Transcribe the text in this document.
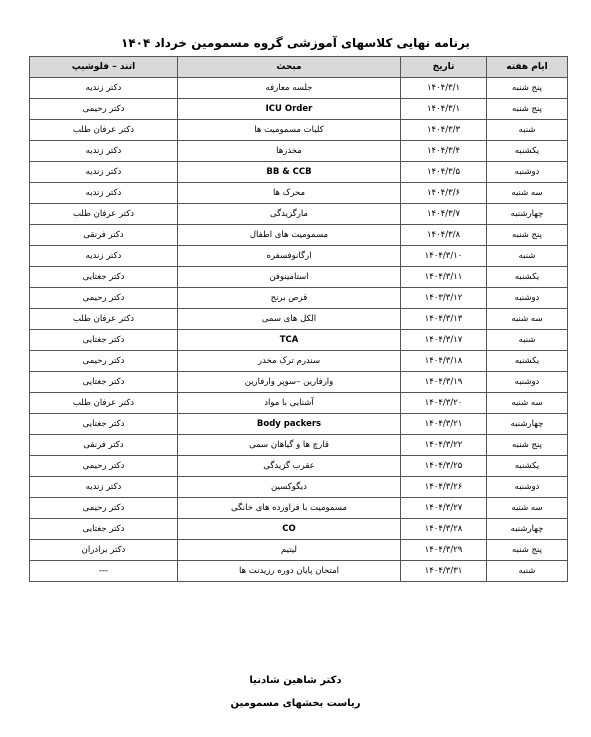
برنامه نهایی کلاسهای آموزشی گروه مسمومین خرداد ۱۴۰۴
ایام هفته	تاریخ	مبحث	اتند – فلوشیپ
پنج شنبه	۱۴۰۴/۳/۱	جلسه معارفه	دکتر زندیه
پنج شنبه	۱۴۰۴/۳/۱	ICU Order	دکتر رحیمی
شنبه	۱۴۰۴/۳/۳	کلیات مسمومیت ها	دکتر عرفان طلب
یکشنبه	۱۴۰۴/۳/۴	مخدرها	دکتر زندیه
دوشنبه	۱۴۰۴/۳/۵	BB & CCB	دکتر زندیه
سه شنبه	۱۴۰۴/۳/۶	محرک ها	دکتر زندیه
چهارشنبه	۱۴۰۴/۳/۷	مارگزیدگی	دکتر عرفان طلب
پنج شنبه	۱۴۰۴/۳/۸	مسمومیت های اطفال	دکتر فرنقی
شنبه	۱۴۰۴/۳/۱۰	ارگانوفسفره	دکتر زندیه
یکشنبه	۱۴۰۴/۳/۱۱	استامینوفن	دکتر جغتایی
دوشنبه	۱۴۰۳/۳/۱۲	قرص برنج	دکتر رحیمی
سه شنبه	۱۴۰۴/۳/۱۳	الکل های سمی	دکتر عرفان طلب
شنبه	۱۴۰۴/۳/۱۷	TCA	دکتر جغتایی
یکشنبه	۱۴۰۴/۳/۱۸	سندرم ترک مخدر	دکتر رحیمی
دوشنبه	۱۴۰۴/۳/۱۹	وارفارین –سوپر وارفارین	دکتر جغتایی
سه شنبه	۱۴۰۴/۳/۲۰	آشنایی با مواد	دکتر عرفان طلب
چهارشنبه	۱۴۰۴/۳/۲۱	Body packers	دکتر جغتایی
پنج شنبه	۱۴۰۴/۳/۲۲	قارچ ها و گیاهان سمی	دکتر فرنقی
یکشنبه	۱۴۰۴/۳/۲۵	عقرب گزیدگی	دکتر رحیمی
دوشنبه	۱۴۰۴/۳/۲۶	دیگوکسین	دکتر زندیه
سه شنبه	۱۴۰۴/۳/۲۷	مسمومیت با فراورده های خانگی	دکتر رحیمی
چهارشنبه	۱۴۰۴/۳/۲۸	CO	دکتر جغتایی
پنج شنبه	۱۴۰۴/۳/۲۹	لیتیم	دکتر برادران
شنبه	۱۴۰۴/۳/۳۱	امتحان پایان دوره رزیدنت ها	---
دکتر شاهین شادنیا
ریاست بخشهای مسمومین
